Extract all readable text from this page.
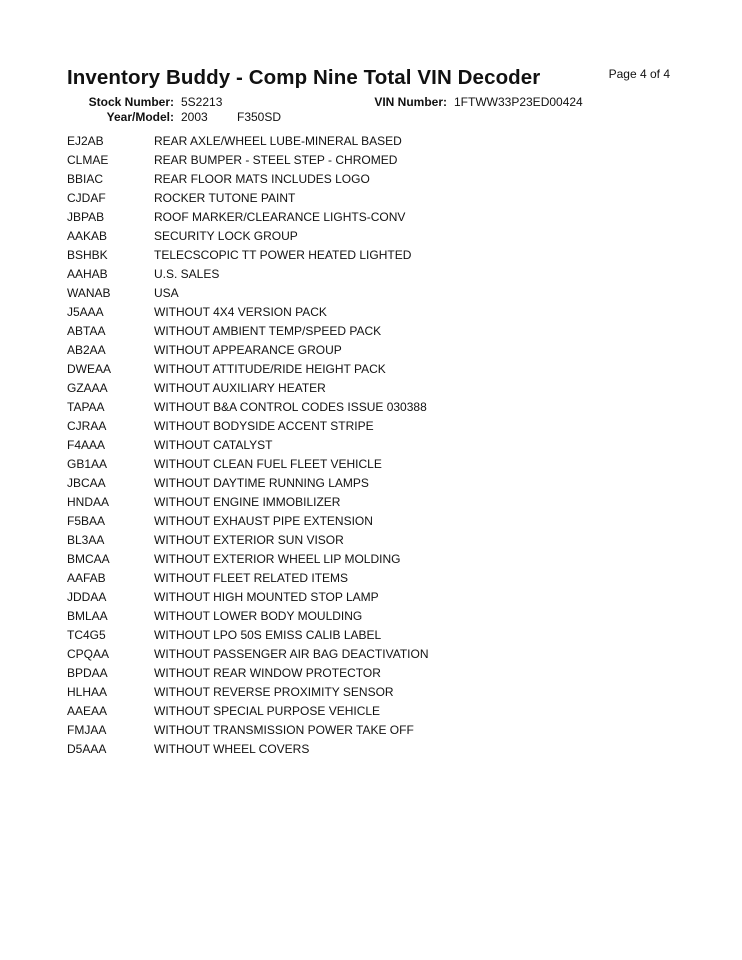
Inventory Buddy - Comp Nine Total VIN Decoder	Page 4 of 4
Stock Number: 5S2213	VIN Number: 1FTWW33P23ED00424
Year/Model: 2003 F350SD
EJ2AB	REAR AXLE/WHEEL LUBE-MINERAL BASED
CLMAE	REAR BUMPER - STEEL STEP - CHROMED
BBIAC	REAR FLOOR MATS INCLUDES LOGO
CJDAF	ROCKER TUTONE PAINT
JBPAB	ROOF MARKER/CLEARANCE LIGHTS-CONV
AAKAB	SECURITY LOCK GROUP
BSHBK	TELECSCOPIC TT POWER HEATED LIGHTED
AAHAB	U.S. SALES
WANAB	USA
J5AAA	WITHOUT 4X4 VERSION PACK
ABTAA	WITHOUT AMBIENT TEMP/SPEED PACK
AB2AA	WITHOUT APPEARANCE GROUP
DWEAA	WITHOUT ATTITUDE/RIDE HEIGHT PACK
GZAAA	WITHOUT AUXILIARY HEATER
TAPAA	WITHOUT B&A CONTROL CODES ISSUE 030388
CJRAA	WITHOUT BODYSIDE ACCENT STRIPE
F4AAA	WITHOUT CATALYST
GB1AA	WITHOUT CLEAN FUEL FLEET VEHICLE
JBCAA	WITHOUT DAYTIME RUNNING LAMPS
HNDAA	WITHOUT ENGINE IMMOBILIZER
F5BAA	WITHOUT EXHAUST PIPE EXTENSION
BL3AA	WITHOUT EXTERIOR SUN VISOR
BMCAA	WITHOUT EXTERIOR WHEEL LIP MOLDING
AAFAB	WITHOUT FLEET RELATED ITEMS
JDDAA	WITHOUT HIGH MOUNTED STOP LAMP
BMLAA	WITHOUT LOWER BODY MOULDING
TC4G5	WITHOUT LPO 50S EMISS CALIB LABEL
CPQAA	WITHOUT PASSENGER AIR BAG DEACTIVATION
BPDAA	WITHOUT REAR WINDOW PROTECTOR
HLHAA	WITHOUT REVERSE PROXIMITY SENSOR
AAEAA	WITHOUT SPECIAL PURPOSE VEHICLE
FMJAA	WITHOUT TRANSMISSION POWER TAKE OFF
D5AAA	WITHOUT WHEEL COVERS
